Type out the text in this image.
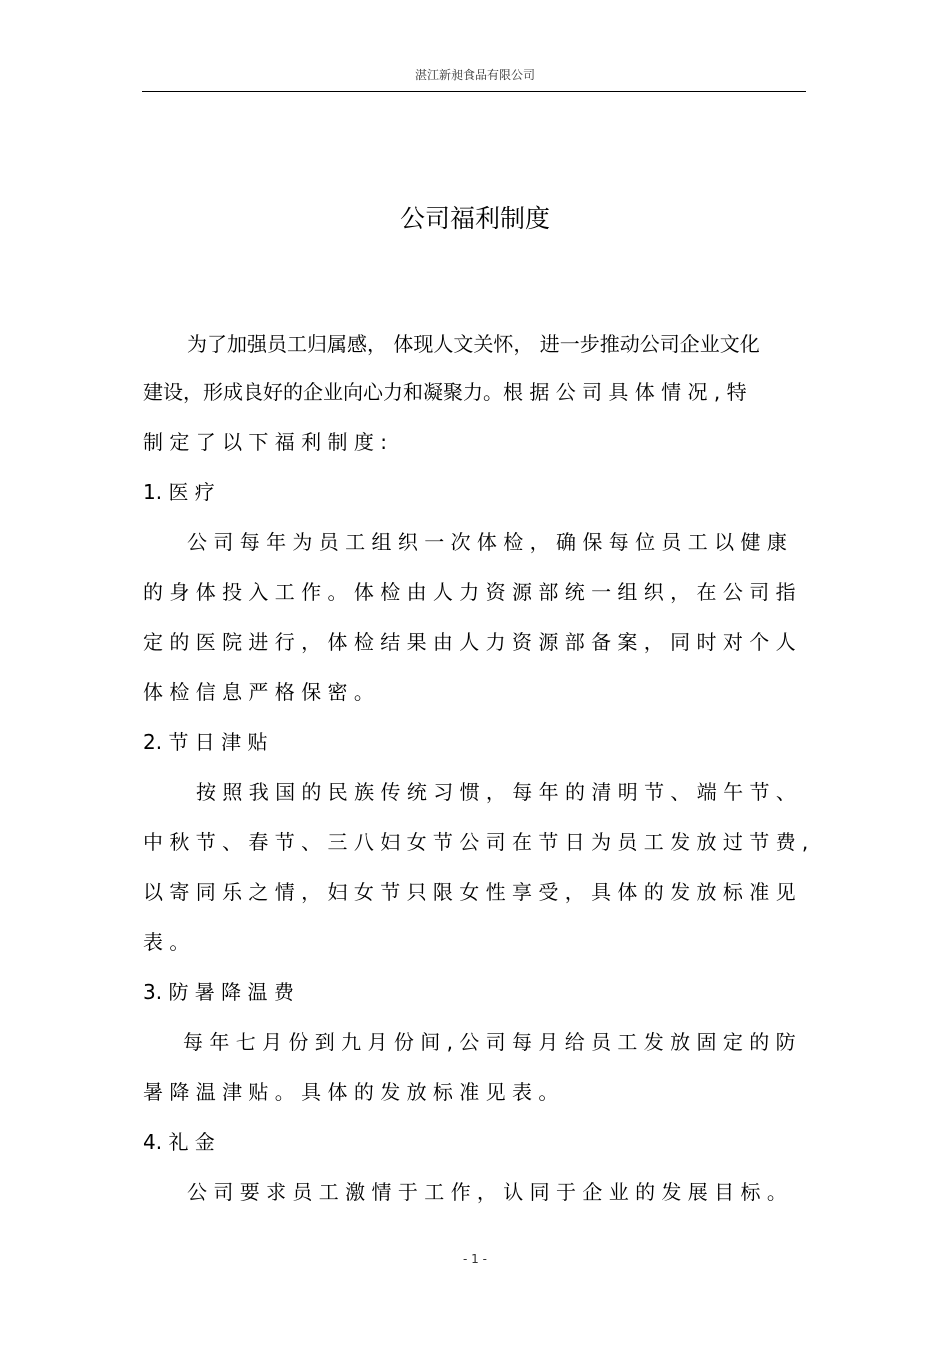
湛江新昶食品有限公司
公司福利制度
为了加强员工归属感， 体现人文关怀， 进一步推动公司企业文化
建设，形成良好的企业向心力和凝聚力。根 据 公 司 具 体 情 况 , 特
制 定 了 以 下 福 利 制 度 :
1. 医 疗
公 司 每 年 为 员 工 组 织 一 次 体 检 ， 确 保 每 位 员 工 以 健 康
的 身 体 投 入 工 作 。 体 检 由 人 力 资 源 部 统 一 组 织 ， 在 公 司 指
定 的 医 院 进 行 ， 体 检 结 果 由 人 力 资 源 部 备 案 ， 同 时 对 个 人
体 检 信 息 严 格 保 密 。
2. 节 日 津 贴
按 照 我 国 的 民 族 传 统 习 惯 ， 每 年 的 清 明 节 、 端 午 节 、
中 秋 节 、 春 节 、 三 八 妇 女 节 公 司 在 节 日 为 员 工 发 放 过 节 费 ,
以 寄 同 乐 之 情 ， 妇 女 节 只 限 女 性 享 受 ， 具 体 的 发 放 标 准 见
表 。
3. 防 暑 降 温 费
每 年 七 月 份 到 九 月 份 间 , 公 司 每 月 给 员 工 发 放 固 定 的 防
暑 降 温 津 贴 。 具 体 的 发 放 标 准 见 表 。
4. 礼 金
公 司 要 求 员 工 激 情 于 工 作 ， 认 同 于 企 业 的 发 展 目 标 。
- 1 -
